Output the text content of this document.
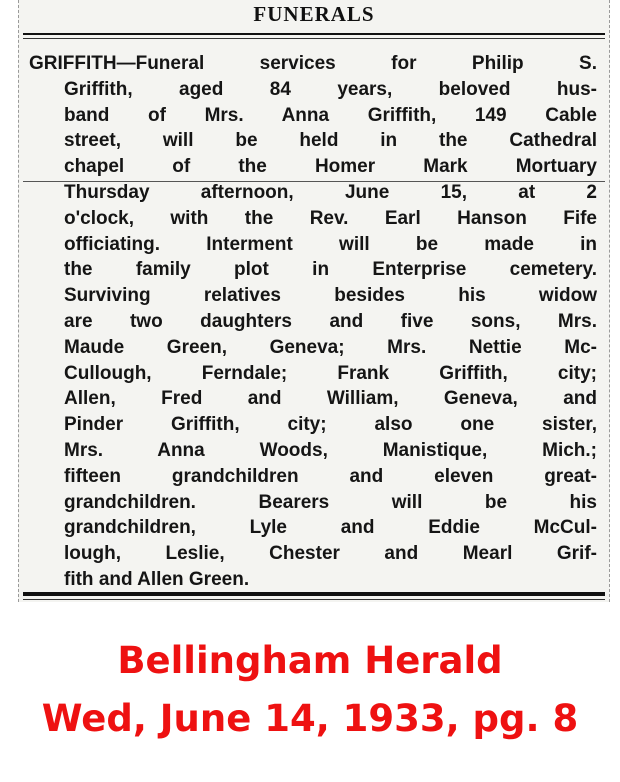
FUNERALS
GRIFFITH—Funeral services for Philip S.
Griffith, aged 84 years, beloved hus-
band of Mrs. Anna Griffith, 149 Cable
street, will be held in the Cathedral
chapel of the Homer Mark Mortuary
Thursday afternoon, June 15, at 2
o'clock, with the Rev. Earl Hanson Fife
officiating. Interment will be made in
the family plot in Enterprise cemetery.
Surviving relatives besides his widow
are two daughters and five sons, Mrs.
Maude Green, Geneva; Mrs. Nettie Mc-
Cullough, Ferndale; Frank Griffith, city;
Allen, Fred and William, Geneva, and
Pinder Griffith, city; also one sister,
Mrs. Anna Woods, Manistique, Mich.;
fifteen grandchildren and eleven great-
grandchildren. Bearers will be his
grandchildren, Lyle and Eddie McCul-
lough, Leslie, Chester and Mearl Grif-
fith and Allen Green.
Bellingham Herald
Wed, June 14, 1933, pg. 8
